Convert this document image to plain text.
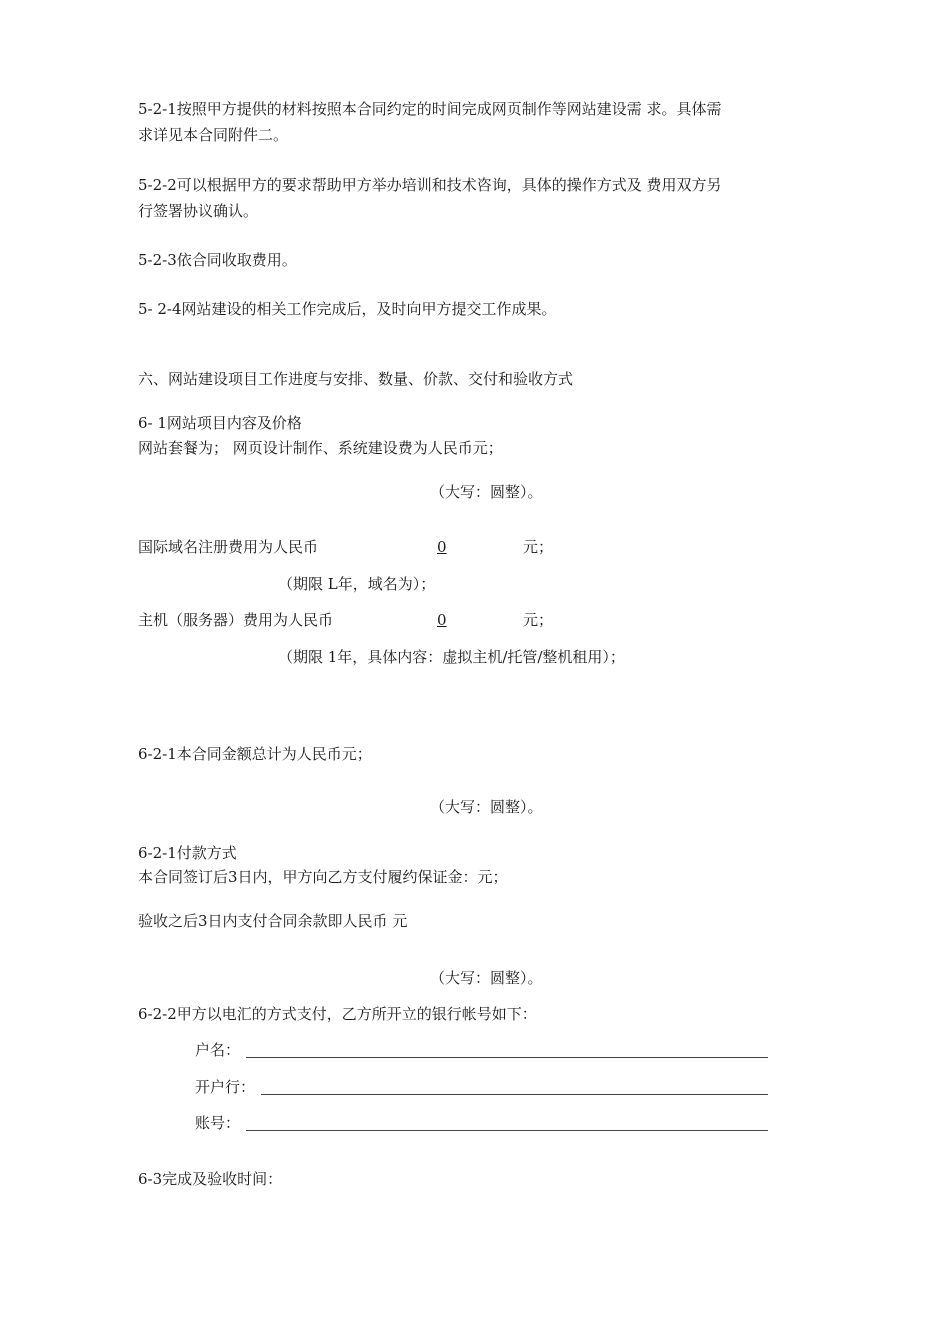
5-2-1按照甲方提供的材料按照本合同约定的时间完成网页制作等网站建设需 求。具体需
求详见本合同附件二。
5-2-2可以根据甲方的要求帮助甲方举办培训和技术咨询，具体的操作方式及 费用双方另
行签署协议确认。
5-2-3依合同收取费用。
5- 2-4网站建设的相关工作完成后，及时向甲方提交工作成果。
六、网站建设项目工作进度与安排、数量、价款、交付和验收方式
6- 1网站项目内容及价格
网站套餐为； 网页设计制作、系统建设费为人民币元；
（大写：圆整）。
国际域名注册费用为人民币	0	元；
（期限 L年，域名为）；
主机（服务器）费用为人民币	0	元；
（期限 1年，具体内容：虚拟主机/托管/整机租用）；
6-2-1本合同金额总计为人民币元；
（大写：圆整）。
6-2-1付款方式
本合同签订后3日内，甲方向乙方支付履约保证金：元；
验收之后3日内支付合同余款即人民币 元
（大写：圆整）。
6-2-2甲方以电汇的方式支付，乙方所开立的银行帐号如下：
户名：
开户行：
账号：
6-3完成及验收时间：
